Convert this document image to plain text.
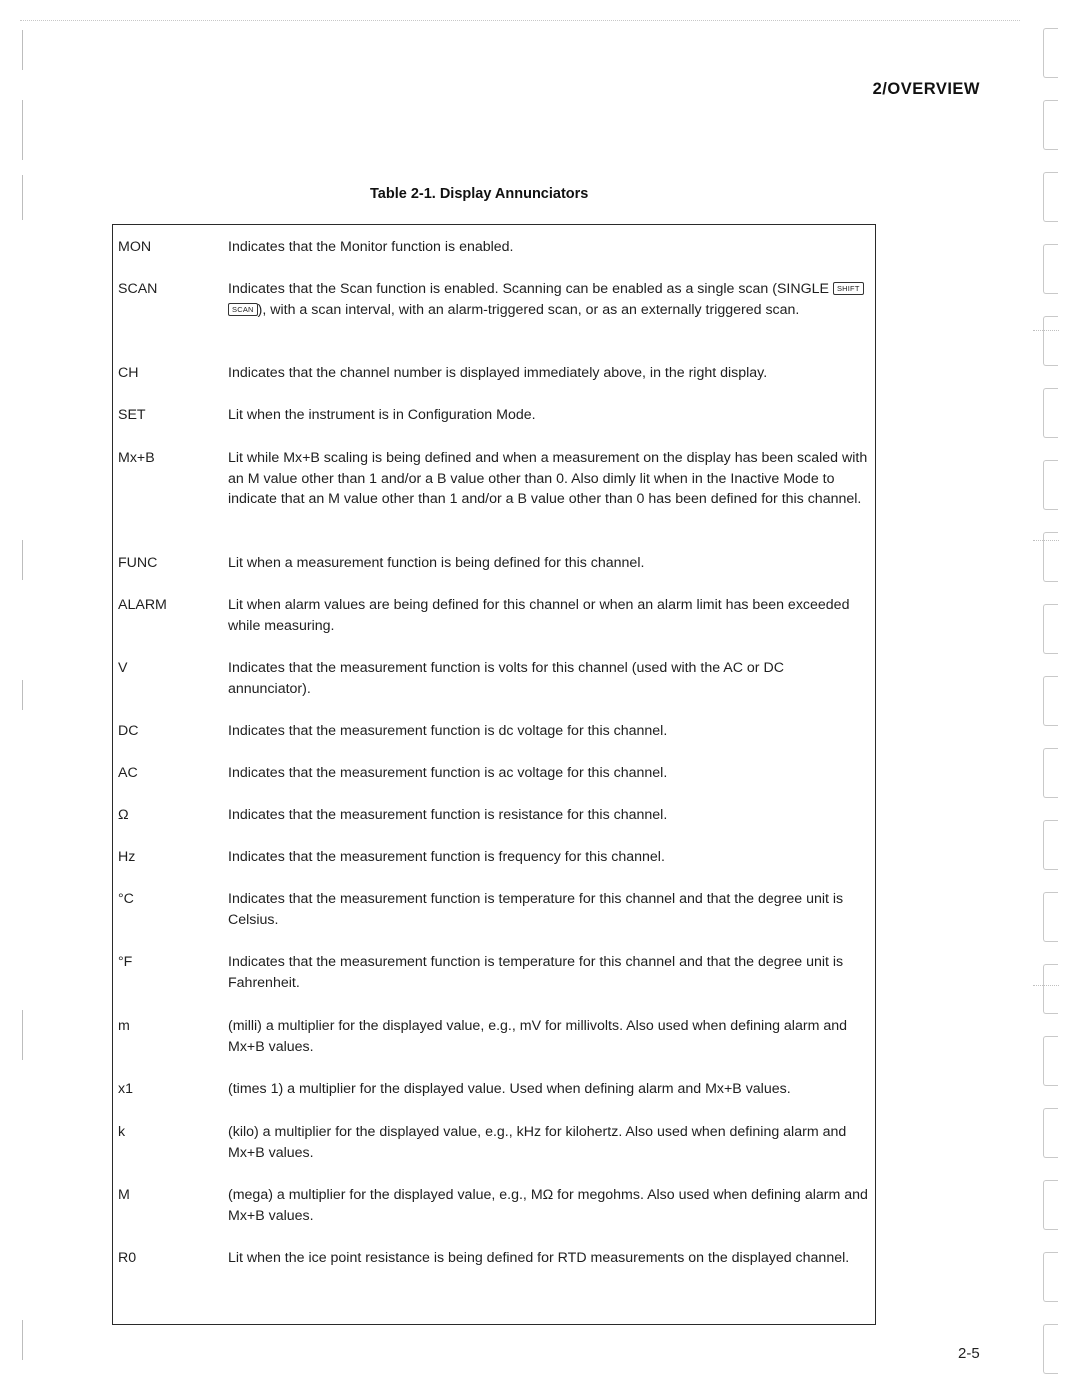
2/OVERVIEW
Table 2-1. Display Annunciators
MON	Indicates that the Monitor function is enabled.
SCAN	Indicates that the Scan function is enabled. Scanning can be enabled as a single scan (SINGLE SHIFT SCAN ), with a scan interval, with an alarm-triggered scan, or as an externally triggered scan.
CH	Indicates that the channel number is displayed immediately above, in the right display.
SET	Lit when the instrument is in Configuration Mode.
Mx+B	Lit while Mx+B scaling is being defined and when a measurement on the display has been scaled with an M value other than 1 and/or a B value other than 0. Also dimly lit when in the Inactive Mode to indicate that an M value other than 1 and/or a B value other than 0 has been defined for this channel.
FUNC	Lit when a measurement function is being defined for this channel.
ALARM	Lit when alarm values are being defined for this channel or when an alarm limit has been exceeded while measuring.
V	Indicates that the measurement function is volts for this channel (used with the AC or DC annunciator).
DC	Indicates that the measurement function is dc voltage for this channel.
AC	Indicates that the measurement function is ac voltage for this channel.
Ω	Indicates that the measurement function is resistance for this channel.
Hz	Indicates that the measurement function is frequency for this channel.
°C	Indicates that the measurement function is temperature for this channel and that the degree unit is Celsius.
°F	Indicates that the measurement function is temperature for this channel and that the degree unit is Fahrenheit.
m	(milli) a multiplier for the displayed value, e.g., mV for millivolts. Also used when defining alarm and Mx+B values.
x1	(times 1) a multiplier for the displayed value. Used when defining alarm and Mx+B values.
k	(kilo) a multiplier for the displayed value, e.g., kHz for kilohertz. Also used when defining alarm and Mx+B values.
M	(mega) a multiplier for the displayed value, e.g., MΩ for megohms. Also used when defining alarm and Mx+B values.
R0	Lit when the ice point resistance is being defined for RTD measurements on the displayed channel.
2-5
